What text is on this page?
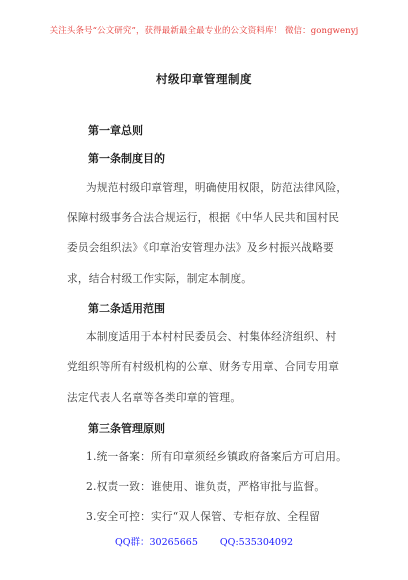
关注头条号“公文研究”，获得最新最全最专业的公文资料库！ 微信：gongwenyj
村级印章管理制度
第一章总则
第一条制度目的
为规范村级印章管理，明确使用权限，防范法律风险，
保障村级事务合法合规运行，根据《中华人民共和国村民
委员会组织法》《印章治安管理办法》及乡村振兴战略要
求，结合村级工作实际，制定本制度。
第二条适用范围
本制度适用于本村村民委员会、村集体经济组织、村
党组织等所有村级机构的公章、财务专用章、合同专用章
法定代表人名章等各类印章的管理。
第三条管理原则
1.统一备案：所有印章须经乡镇政府备案后方可启用。
2.权责一致：谁使用、谁负责，严格审批与监督。
3.安全可控：实行“双人保管、专柜存放、全程留
QQ群：30265665 QQ:535304092
